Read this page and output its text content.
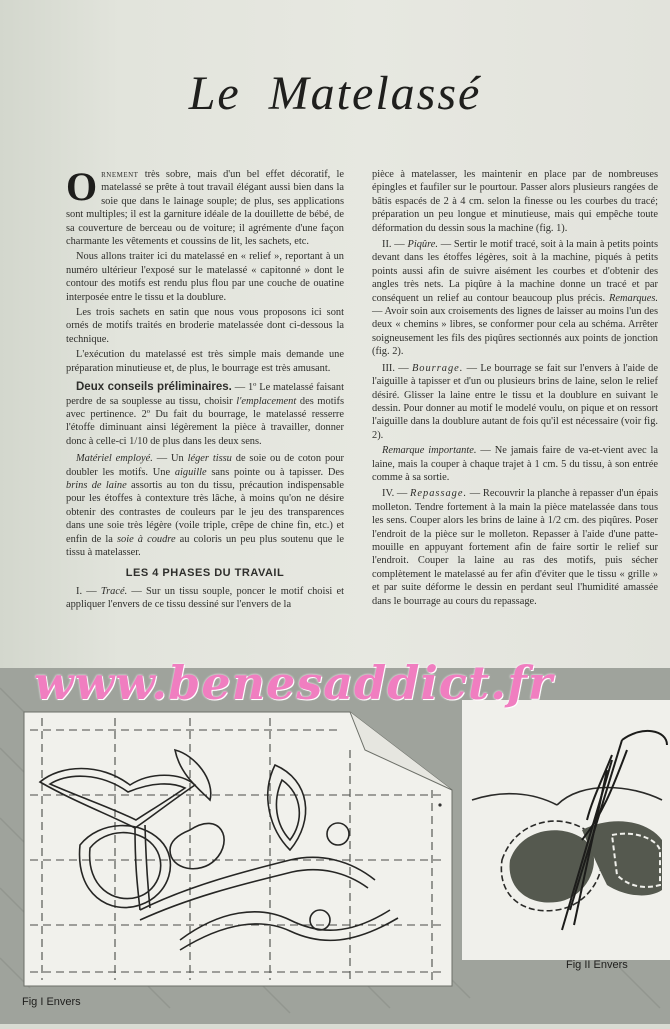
Le Matelassé

Ornement très sobre, mais d'un bel effet décoratif, le matelassé se prête à tout travail élégant aussi bien dans la soie que dans le lainage souple; de plus, ses applications sont multiples; il est la garniture idéale de la douillette de bébé, de sa couverture de berceau ou de voiture; il agrémente d'une façon charmante les vêtements et coussins de lit, les sachets, etc.

Nous allons traiter ici du matelassé en « relief », reportant à un numéro ultérieur l'exposé sur le matelassé « capitonné » dont le contour des motifs est rendu plus flou par une couche de ouatine interposée entre le tissu et la doublure.

Les trois sachets en satin que nous vous proposons ici sont ornés de motifs traités en broderie matelassée dont ci-dessous la technique.

L'exécution du matelassé est très simple mais demande une préparation minutieuse et, de plus, le bourrage est très amusant.

Deux conseils préliminaires. — 1º Le matelassé faisant perdre de sa souplesse au tissu, choisir l'emplacement des motifs avec pertinence. 2º Du fait du bourrage, le matelassé resserre l'étoffe diminuant ainsi légèrement la pièce à travailler, donner donc à celle-ci 1/10 de plus dans les deux sens.

Matériel employé. — Un léger tissu de soie ou de coton pour doubler les motifs. Une aiguille sans pointe ou à tapisser. Des brins de laine assortis au ton du tissu, précaution indispensable pour les étoffes à contexture très lâche, à moins qu'on ne désire obtenir des contrastes de couleurs par le jeu des transparences dans une soie très légère (voile triple, crêpe de chine fin, etc.) et enfin de la soie à coudre au coloris un peu plus soutenu que le tissu à matelasser.

LES 4 PHASES DU TRAVAIL

I. — Tracé. — Sur un tissu souple, poncer le motif choisi et appliquer l'envers de ce tissu dessiné sur l'envers de la

pièce à matelasser, les maintenir en place par de nombreuses épingles et faufiler sur le pourtour. Passer alors plusieurs rangées de bâtis espacés de 2 à 4 cm. selon la finesse ou les courbes du tracé; préparation un peu longue et minutieuse, mais qui empêche toute déformation du dessin sous la machine (fig. 1).

II. — Piqûre. — Sertir le motif tracé, soit à la main à petits points devant dans les étoffes légères, soit à la machine, piqués à petits points aussi afin de suivre aisément les courbes et d'obtenir des angles très nets. La piqûre à la machine donne un tracé et par conséquent un relief au contour beaucoup plus précis. Remarques. — Avoir soin aux croisements des lignes de laisser au moins l'un des deux « chemins » libres, se conformer pour cela au schéma. Arrêter soigneusement les fils des piqûres sectionnés aux points de jonction (fig. 2).

III. — Bourrage. — Le bourrage se fait sur l'envers à l'aide de l'aiguille à tapisser et d'un ou plusieurs brins de laine, selon le relief désiré. Glisser la laine entre le tissu et la doublure en suivant le dessin. Pour donner au motif le modelé voulu, on pique et on ressort l'aiguille dans la doublure autant de fois qu'il est nécessaire (voir fig. 2).

Remarque importante. — Ne jamais faire de va-et-vient avec la laine, mais la couper à chaque trajet à 1 cm. 5 du tissu, à son entrée comme à sa sortie.

IV. — Repassage. — Recouvrir la planche à repasser d'un épais molleton. Tendre fortement à la main la pièce matelassée dans tous les sens. Couper alors les brins de laine à 1/2 cm. des piqûres. Poser l'endroit de la pièce sur le molleton. Repasser à l'aide d'une patte-mouille en appuyant fortement afin de faire sortir le relief sur l'endroit. Couper la laine au ras des motifs, puis sécher complètement le matelassé au fer afin d'éviter que le tissu « grille » et par suite déforme le dessin en perdant seul l'humidité amassée dans le bourrage au cours du repassage.

Fig I Envers
Fig II Envers
www.benesaddict.fr
